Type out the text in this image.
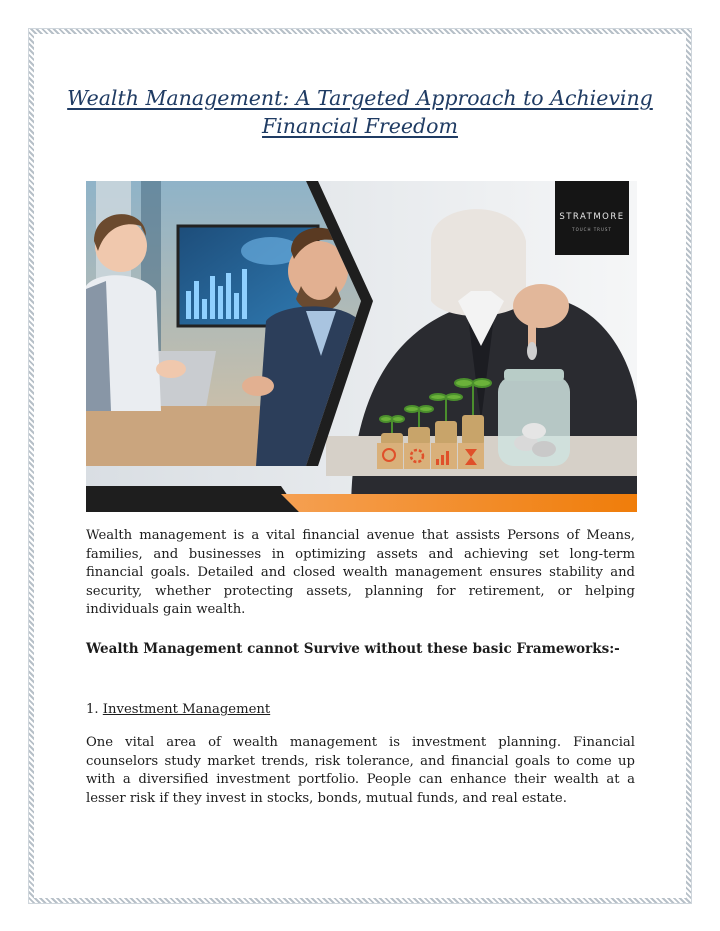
Wealth Management: A Targeted Approach to Achieving Financial Freedom
STRATMORE
TOUCH TRUST

Wealth management is a vital financial avenue that assists Persons of Means, families, and businesses in optimizing assets and achieving set long-term financial goals. Detailed and closed wealth management ensures stability and security, whether protecting assets, planning for retirement, or helping individuals gain wealth.

Wealth Management cannot Survive without these basic Frameworks:-

1. Investment Management

One vital area of wealth management is investment planning. Financial counselors study market trends, risk tolerance, and financial goals to come up with a diversified investment portfolio. People can enhance their wealth at a lesser risk if they invest in stocks, bonds, mutual funds, and real estate.
